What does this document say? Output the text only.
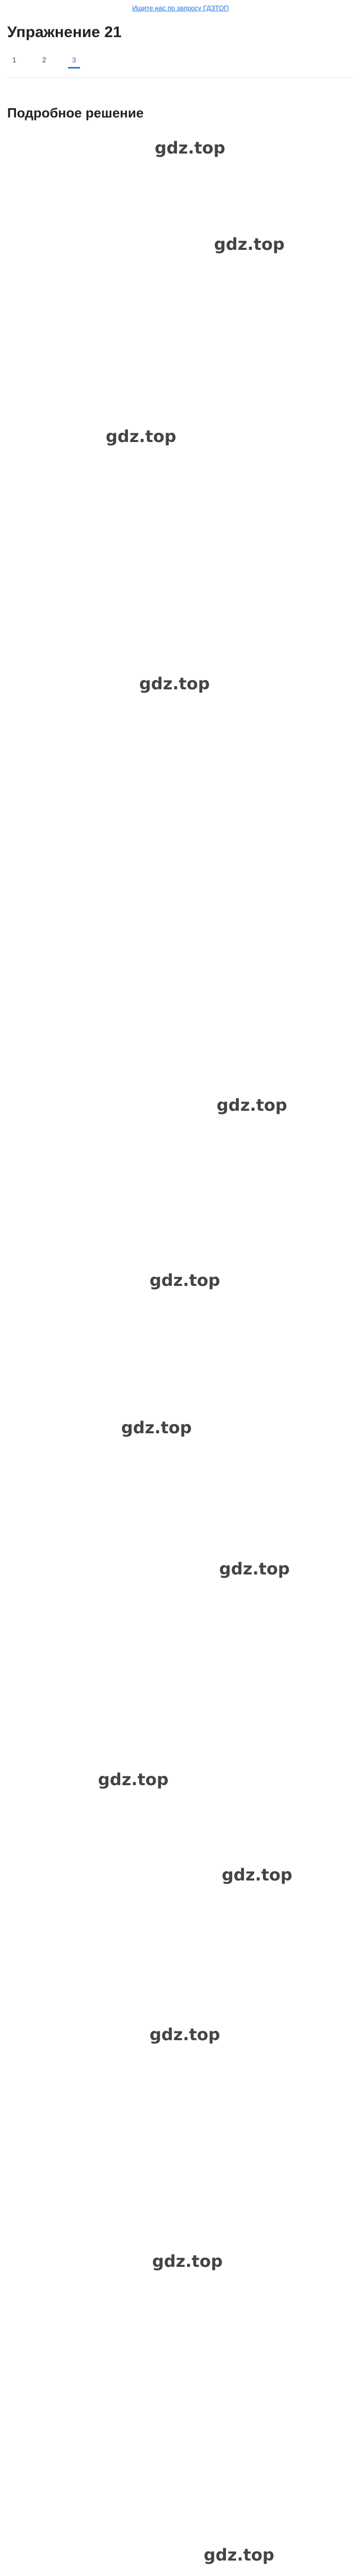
Ищите нас по запросу ГДЗТОП
Упражнение 21
1	2	3
Подробное решение
gdz.top
gdz.top
gdz.top
gdz.top
gdz.top
gdz.top
gdz.top
gdz.top
gdz.top
gdz.top
gdz.top
gdz.top
gdz.top
